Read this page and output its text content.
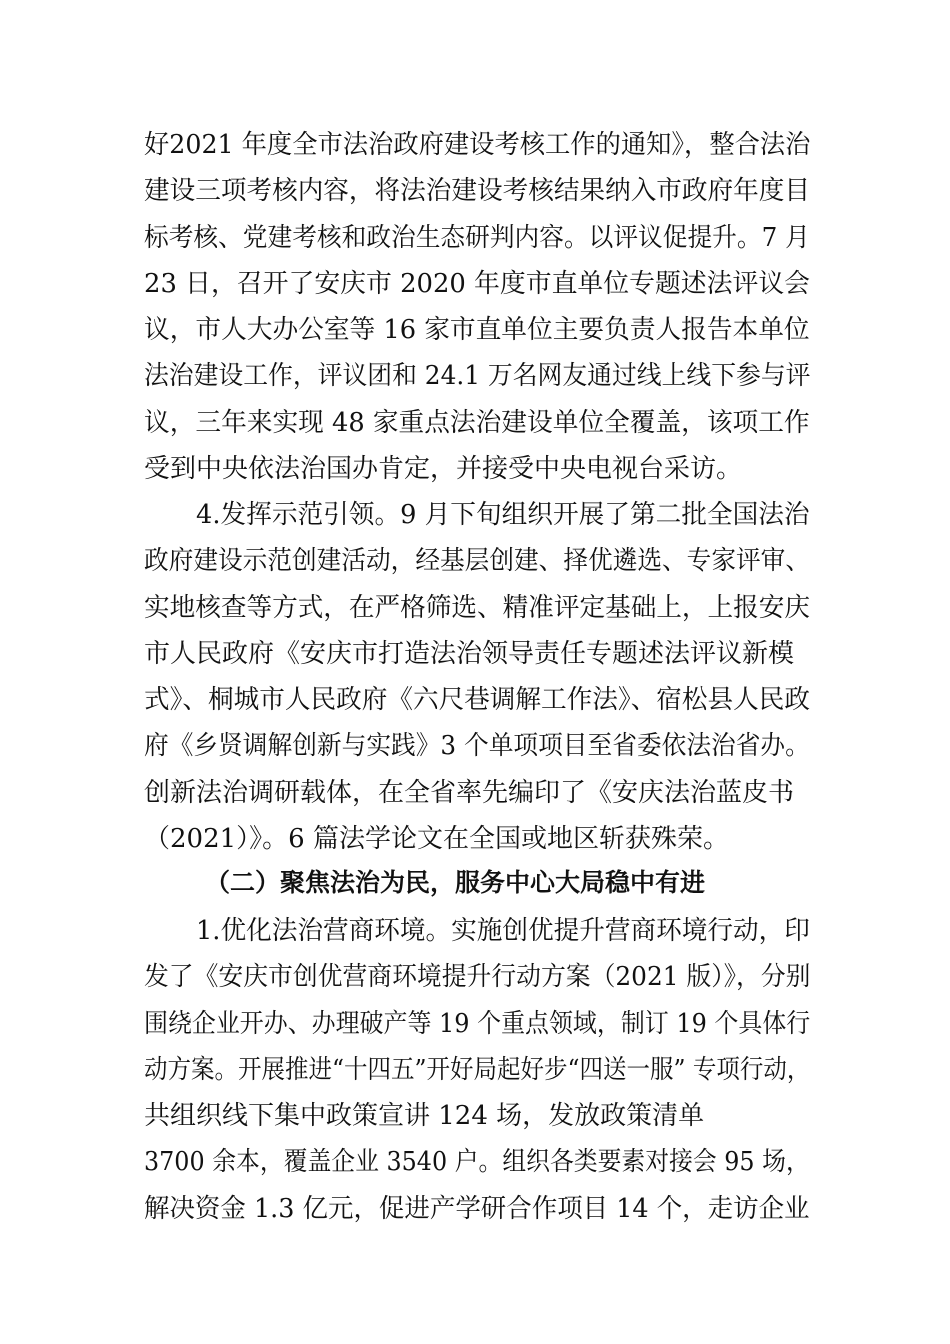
好2021 年度全市法治政府建设考核工作的通知》，整合法治
建设三项考核内容，将法治建设考核结果纳入市政府年度目
标考核、党建考核和政治生态研判内容。以评议促提升。7 月
23 日，召开了安庆市 2020 年度市直单位专题述法评议会
议，市人大办公室等 16 家市直单位主要负责人报告本单位
法治建设工作，评议团和 24.1 万名网友通过线上线下参与评
议，三年来实现 48 家重点法治建设单位全覆盖，该项工作
受到中央依法治国办肯定，并接受中央电视台采访。
4.发挥示范引领。9 月下旬组织开展了第二批全国法治
政府建设示范创建活动，经基层创建、择优遴选、专家评审、
实地核查等方式，在严格筛选、精准评定基础上，上报安庆
市人民政府《安庆市打造法治领导责任专题述法评议新模
式》、桐城市人民政府《六尺巷调解工作法》、宿松县人民政
府《乡贤调解创新与实践》3 个单项项目至省委依法治省办。
创新法治调研载体，在全省率先编印了《安庆法治蓝皮书
（2021）》。6 篇法学论文在全国或地区斩获殊荣。
（二）聚焦法治为民，服务中心大局稳中有进
1.优化法治营商环境。实施创优提升营商环境行动，印
发了《安庆市创优营商环境提升行动方案（2021 版）》，分别
围绕企业开办、办理破产等 19 个重点领域，制订 19 个具体行
动方案。开展推进“十四五”开好局起好步“四送一服” 专项行动，
共组织线下集中政策宣讲 124 场，发放政策清单
3700 余本，覆盖企业 3540 户。组织各类要素对接会 95 场，
解决资金 1.3 亿元，促进产学研合作项目 14 个，走访企业
